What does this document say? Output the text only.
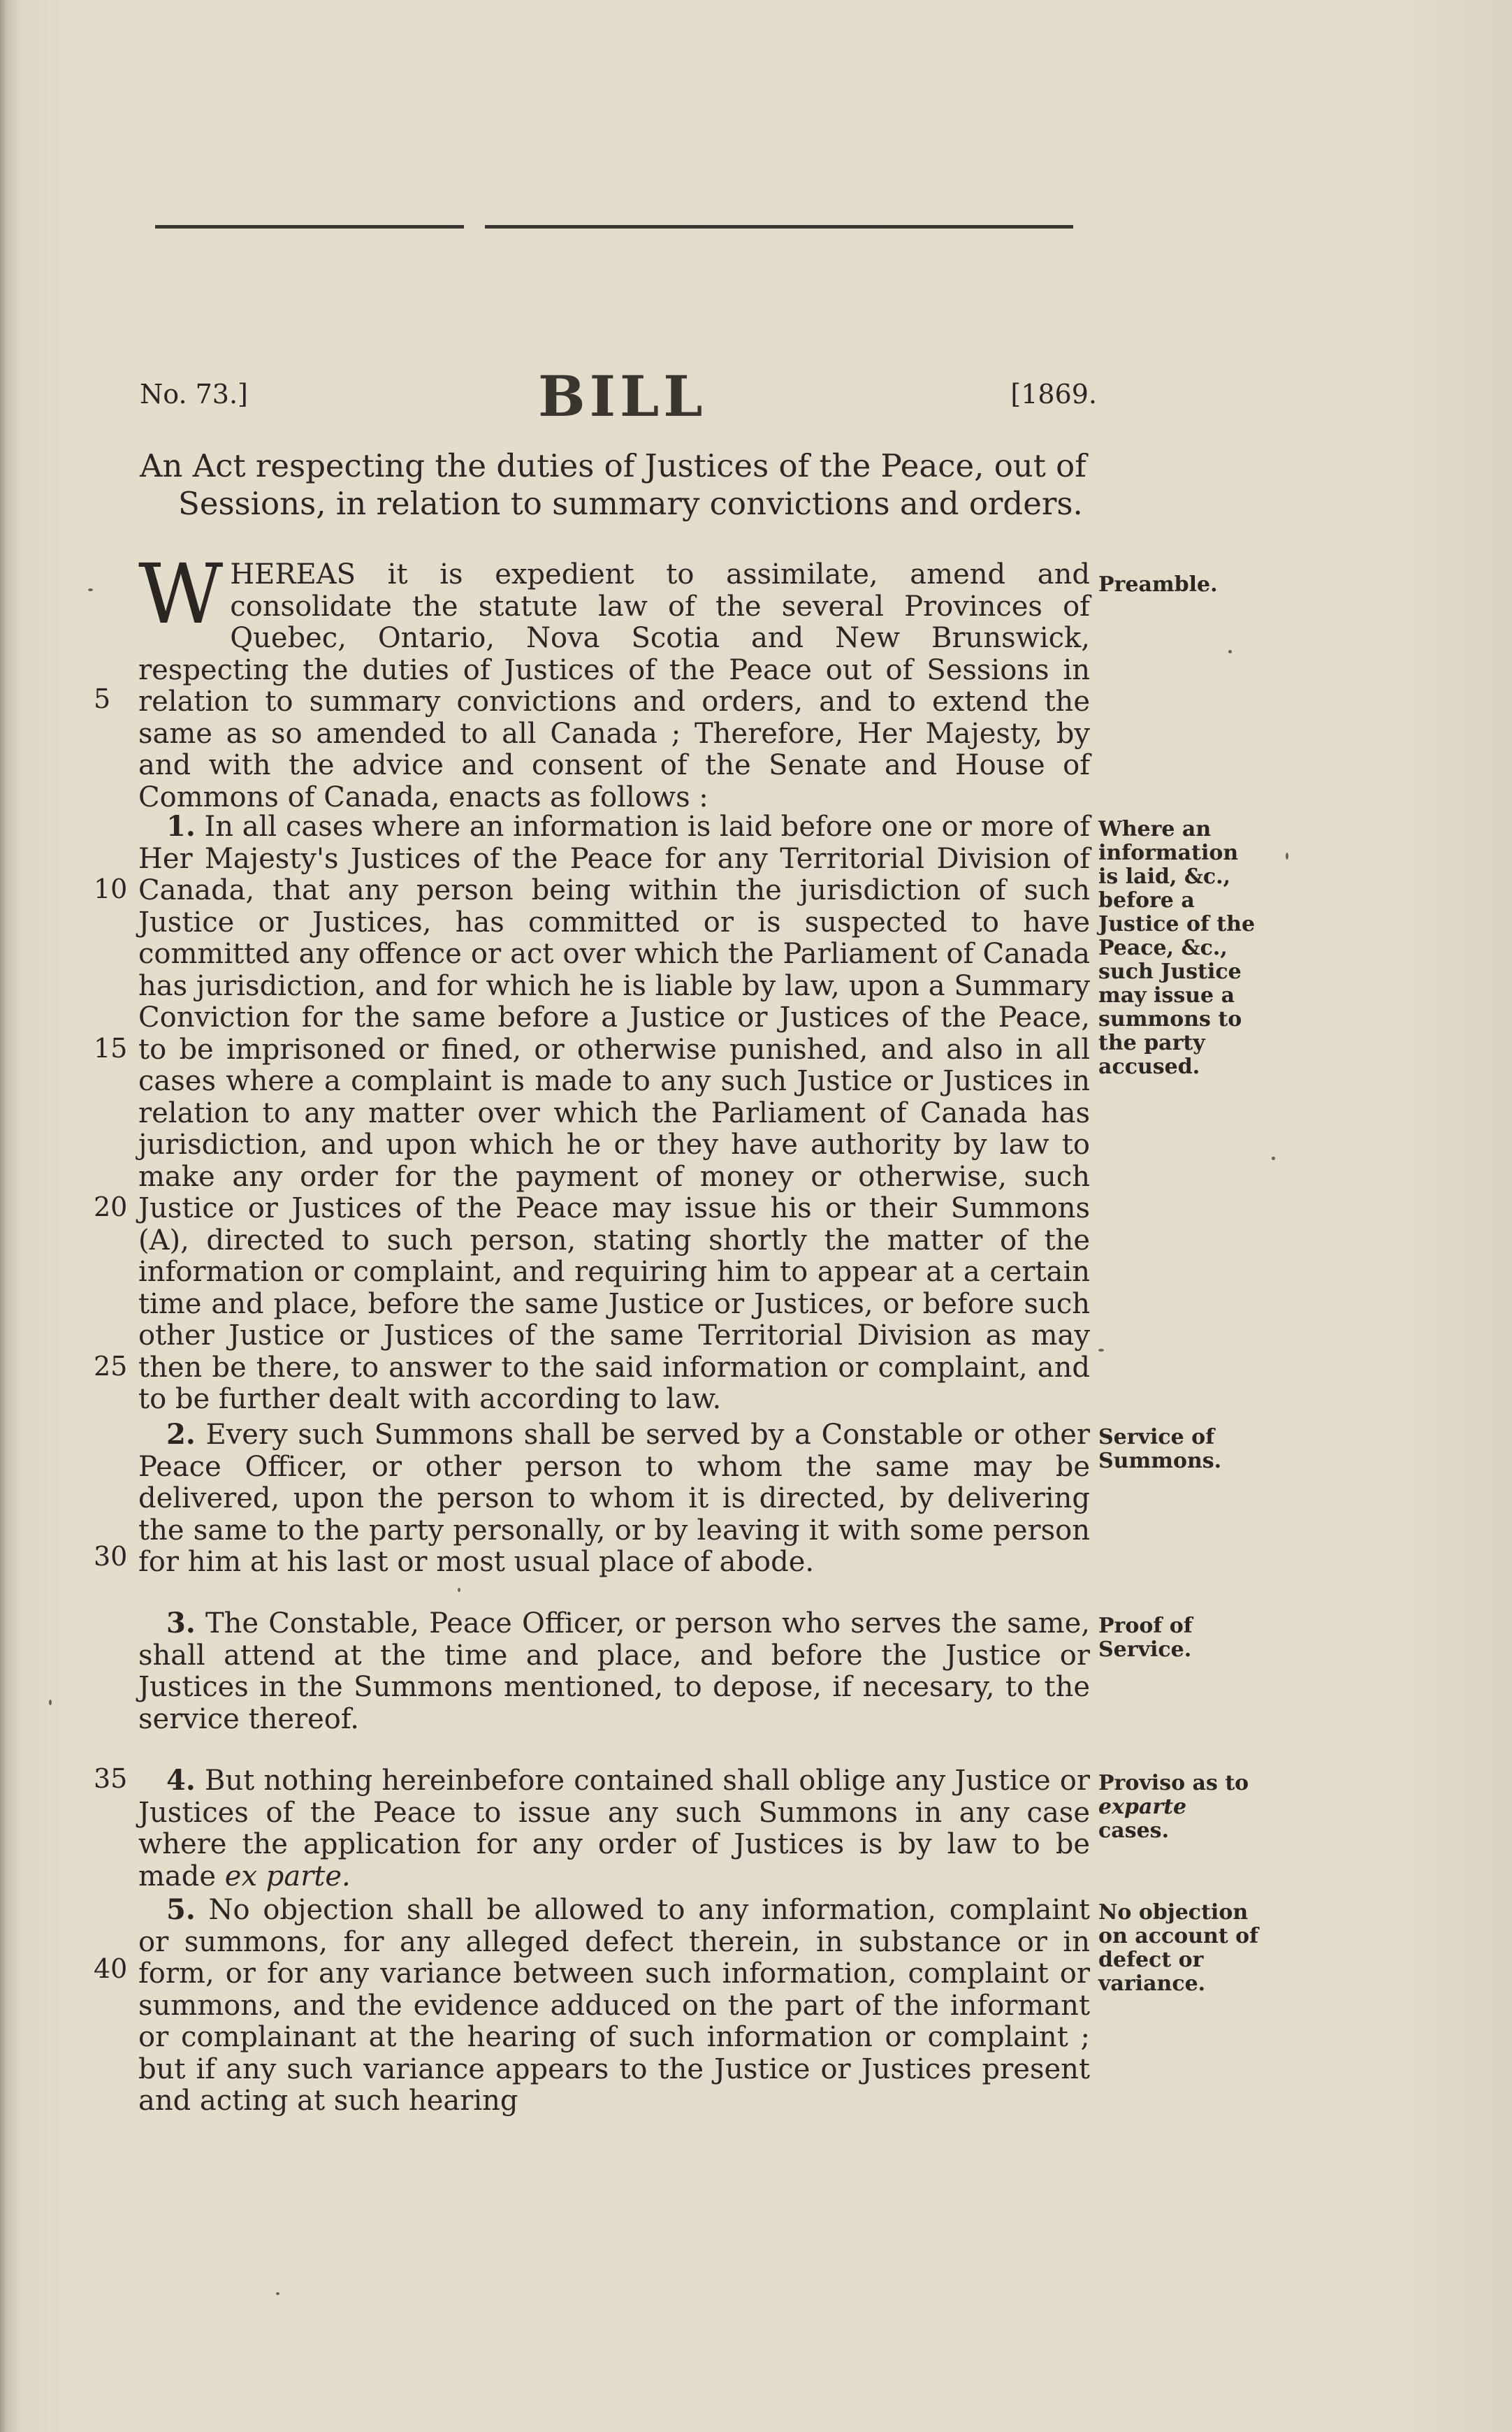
No. 73.]	BILL	[1869.
An Act respecting the duties of Justices of the Peace, out of
Sessions, in relation to summary convictions and orders.
WHEREAS it is expedient to assimilate, amend and consolidate the statute law of the several Provinces of Quebec, Ontario, Nova Scotia and New Brunswick, respecting the duties of Justices of the Peace out of Sessions in relation to summary convictions and orders, and to extend the same as so amended to all Canada ; Therefore, Her Majesty, by and with the advice and consent of the Senate and House of Commons of Canada, enacts as follows :
Preamble.
1. In all cases where an information is laid before one or more of Her Majesty's Justices of the Peace for any Territorial Division of Canada, that any person being within the jurisdiction of such Justice or Justices, has committed or is suspected to have committed any offence or act over which the Parliament of Canada has jurisdiction, and for which he is liable by law, upon a Summary Conviction for the same before a Justice or Justices of the Peace, to be imprisoned or fined, or otherwise punished, and also in all cases where a complaint is made to any such Justice or Justices in relation to any matter over which the Parliament of Canada has jurisdiction, and upon which he or they have authority by law to make any order for the payment of money or otherwise, such Justice or Justices of the Peace may issue his or their Summons (A), directed to such person, stating shortly the matter of the information or complaint, and requiring him to appear at a certain time and place, before the same Justice or Justices, or before such other Justice or Justices of the same Territorial Division as may then be there, to answer to the said information or complaint, and to be further dealt with according to law.
Where an information is laid, &c., before a Justice of the Peace, &c., such Justice may issue a summons to the party accused.
2. Every such Summons shall be served by a Constable or other Peace Officer, or other person to whom the same may be delivered, upon the person to whom it is directed, by delivering the same to the party personally, or by leaving it with some person for him at his last or most usual place of abode.
Service of Summons.
3. The Constable, Peace Officer, or person who serves the same, shall attend at the time and place, and before the Justice or Justices in the Summons mentioned, to depose, if necesary, to the service thereof.
Proof of Service.
4. But nothing hereinbefore contained shall oblige any Justice or Justices of the Peace to issue any such Summons in any case where the application for any order of Justices is by law to be made ex parte.
Proviso as to exparte cases.
5. No objection shall be allowed to any information, complaint or summons, for any alleged defect therein, in substance or in form, or for any variance between such information, complaint or summons, and the evidence adduced on the part of the informant or complainant at the hearing of such information or complaint ; but if any such variance appears to the Justice or Justices present and acting at such hearing
No objection on account of defect or variance.
5
10
15
20
25
30
35
40
